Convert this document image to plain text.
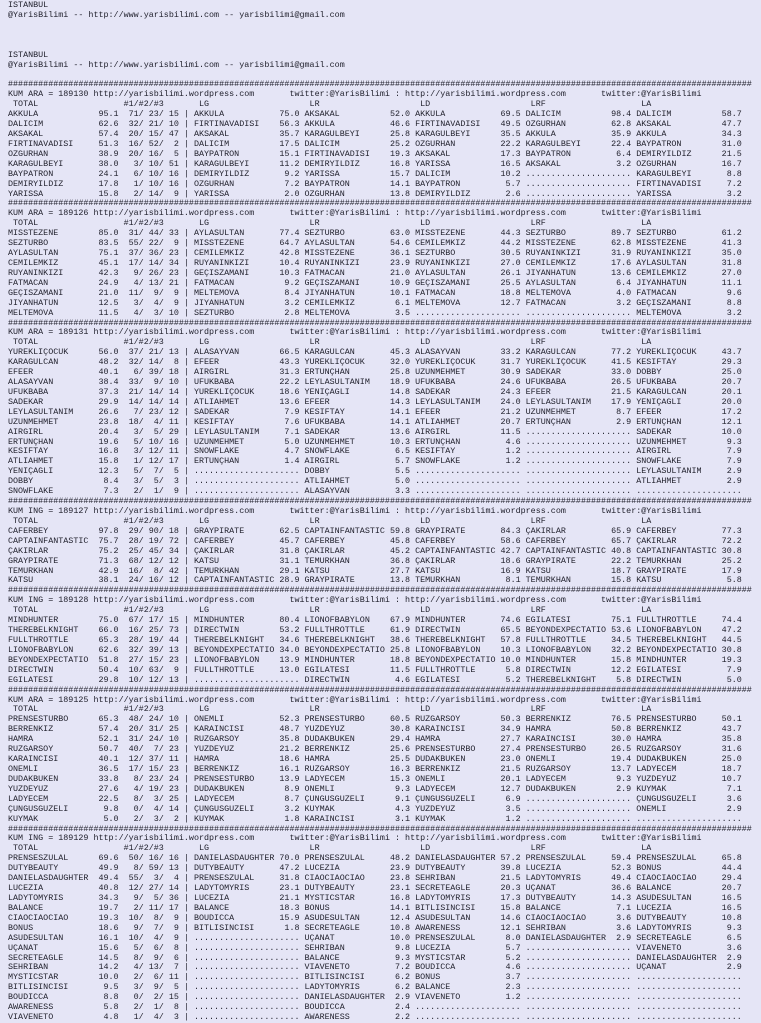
ISTANBUL
@YarisBilimi -- http://www.yarisbilimi.com -- yarisbilimi@gmail.com
ISTANBUL
@YarisBilimi -- http://www.yarisbilimi.com -- yarisbilimi@gmail.com
####################################################################################################################################################
KUM ARA = 189130 http://yarisbilimi.wordpress.com       twitter:@YarisBilimi : http://yarisbilimi.wordpress.com       twitter:@YarisBilimi
TOTAL                 #1/#2/#3       LG                    LR                    LD                    LRF                   LA
AKKULA            95.1  71/ 23/ 15 | AKKULA           75.0 AKSAKAL          52.0 AKKULA           69.5 DALICIM          98.4 DALICIM          58.7
DALICIM           62.6  32/ 21/ 10 | FIRTINAVADISI    56.3 AKKULA           46.6 FIRTINAVADISI    49.5 ÖZGÜRHAN         62.8 AKSAKAL          47.7
AKSAKAL           57.4  20/ 15/ 47 | AKSAKAL          35.7 KARAGÜLBEYI      25.8 KARAGÜLBEYI      35.5 AKKULA           35.9 AKKULA           34.3
FIRTINAVADISI     51.3  16/ 52/  2 | DALICIM          17.5 DALICIM          25.2 ÖZGÜRHAN         22.2 KARAGÜLBEYI      22.4 BAYPATRON        31.0
ÖZGÜRHAN          38.9  20/ 16/  5 | BAYPATRON        15.1 FIRTINAVADISI    19.3 AKSAKAL          17.3 BAYPATRON         6.4 DEMIRYILDIZ      21.5
KARAGÜLBEYI       38.0   3/ 10/ 51 | KARAGÜLBEYI      11.2 DEMIRYILDIZ      16.8 YARISSA          16.5 AKSAKAL           3.2 ÖZGÜRHAN         16.7
BAYPATRON         24.1   6/ 10/ 16 | DEMIRYILDIZ       9.2 YARISSA          15.7 DALICIM          10.2 ..................... KARAGÜLBEYI       8.8
DEMIRYILDIZ       17.8   1/ 10/ 16 | ÖZGÜRHAN          7.2 BAYPATRON        14.1 BAYPATRON         5.7 ..................... FIRTINAVADISI     7.2
YARISSA           15.8   2/ 14/  9 | YARISSA           2.0 ÖZGÜRHAN         13.8 DEMIRYILDIZ       2.6 ..................... YARISSA           3.2
####################################################################################################################################################
KUM ARA = 189126 http://yarisbilimi.wordpress.com       twitter:@YarisBilimi : http://yarisbilimi.wordpress.com       twitter:@YarisBilimi
TOTAL                 #1/#2/#3       LG                    LR                    LD                    LRF                   LA
MISSTEZENE        85.0  31/ 44/ 33 | AYLASULTAN       77.4 SEZTURBO         63.0 MISSTEZENE       44.3 SEZTURBO         89.7 SEZTURBO         61.2
SEZTURBO          83.5  55/ 22/  9 | MISSTEZENE       64.7 AYLASULTAN       54.6 CEMILEMKIZ       44.2 MISSTEZENE       62.8 MISSTEZENE       41.3
AYLASULTAN        75.1  37/ 36/ 23 | CEMILEMKIZ       42.8 MISSTEZENE       36.1 SEZTURBO         30.5 RÜYANINKIZI      31.9 RÜYANINKIZI      35.0
CEMILEMKIZ        45.1  17/ 14/ 34 | RÜYANINKIZI      10.4 RÜYANINKIZI      23.9 RÜYANINKIZI      27.0 CEMILEMKIZ       17.6 AYLASULTAN       31.8
RÜYANINKIZI       42.3   9/ 26/ 23 | GEÇISZAMANI      10.3 FATMACAN         21.0 AYLASULTAN       26.1 JIYANHATUN       13.6 CEMILEMKIZ       27.0
FATMACAN          24.9   4/ 13/ 21 | FATMACAN          9.2 GEÇISZAMANI      10.9 GEÇISZAMANI      25.5 AYLASULTAN        6.4 JIYANHATUN       11.1
GEÇISZAMANI       21.0  11/  9/  9 | MELTEMOVA         8.4 JIYANHATUN       10.1 FATMACAN         18.8 MELTEMOVA         4.0 FATMACAN          9.6
JIYANHATUN        12.5   3/  4/  9 | JIYANHATUN        3.2 CEMILEMKIZ        6.1 MELTEMOVA        12.7 FATMACAN          3.2 GEÇISZAMANI       8.8
MELTEMOVA         11.5   4/  3/ 10 | SEZTURBO          2.8 MELTEMOVA         3.5 ..................... ..................... MELTEMOVA         3.2
####################################################################################################################################################
KUM ARA = 189131 http://yarisbilimi.wordpress.com       twitter:@YarisBilimi : http://yarisbilimi.wordpress.com       twitter:@YarisBilimi
TOTAL                 #1/#2/#3       LG                    LR                    LD                    LRF                   LA
YÜREKLIÇOCUK      56.0  37/ 21/ 13 | ALASAYVAN        66.5 KARAGÜLCAN       45.3 ALASAYVAN        33.2 KARAGÜLCAN       77.2 YÜREKLIÇOCUK     43.7
KARAGÜLCAN        48.2  32/ 14/  8 | EFEER            43.3 YÜREKLIÇOCUK     32.0 YÜREKLIÇOCUK     31.7 YÜREKLIÇOCUK     41.5 KESIFTAY         29.3
EFEER             40.1   6/ 39/ 18 | AIRGIRL          31.3 ERTUNÇHAN        25.8 UZUNMEHMET       30.9 SADEKAR          33.0 DOBBY            25.0
ALASAYVAN         38.4  33/  9/ 10 | UFUKBABA         22.2 LEYLASULTANIM    18.9 UFUKBABA         24.6 UFUKBABA         26.5 UFUKBABA         20.7
UFUKBABA          37.3  21/ 14/ 14 | YÜREKLIÇOCUK     18.6 YENIÇAGLI        14.8 SADEKAR          24.3 EFEER            21.5 KARAGÜLCAN       20.1
SADEKAR           29.9  14/ 14/ 14 | ATLIAHMET        13.6 EFEER            14.3 LEYLASULTANIM    24.0 LEYLASULTANIM    17.9 YENIÇAGLI        20.0
LEYLASULTANIM     26.6   7/ 23/ 12 | SADEKAR           7.9 KESIFTAY         14.1 EFEER            21.2 UZUNMEHMET        8.7 EFEER            17.2
UZUNMEHMET        23.8  18/  4/ 11 | KESIFTAY          7.6 UFUKBABA         14.1 ATLIAHMET        20.7 ERTUNÇHAN         2.9 ERTUNÇHAN        12.1
AIRGIRL           20.4   3/  5/ 29 | LEYLASULTANIM     7.1 SADEKAR          13.6 AIRGIRL          11.5 ..................... SADEKAR          10.0
ERTUNÇHAN         19.6   5/ 10/ 16 | UZUNMEHMET        5.0 UZUNMEHMET       10.3 ERTUNÇHAN         4.6 ..................... UZUNMEHMET        9.3
KESIFTAY          16.8   3/ 12/ 11 | SNOWFLAKE         4.7 SNOWFLAKE         6.5 KESIFTAY          1.2 ..................... AIRGIRL           7.9
ATLIAHMET         15.8   1/ 12/ 17 | ERTUNÇHAN         1.4 AIRGIRL           5.7 SNOWFLAKE         1.2 ..................... SNOWFLAKE         7.9
YENIÇAGLI         12.3   5/  7/  5 | ..................... DOBBY             5.5 ..................... ..................... LEYLASULTANIM     2.9
DOBBY              8.4   3/  5/  3 | ..................... ATLIAHMET         5.0 ..................... ..................... ATLIAHMET         2.9
SNOWFLAKE          7.3   2/  1/  9 | ..................... ALASAYVAN         3.3 ..................... ..................... .....................
####################################################################################################################################################
KUM ING = 189127 http://yarisbilimi.wordpress.com       twitter:@YarisBilimi : http://yarisbilimi.wordpress.com       twitter:@YarisBilimi
TOTAL                 #1/#2/#3       LG                    LR                    LD                    LRF                   LA
CAFERBEY          97.8  29/ 90/ 18 | GRAYPIRATE       62.5 CAPTAINFANTASTIC 59.8 GRAYPIRATE       84.3 ÇAKIRLAR         65.9 CAFERBEY         77.3
CAPTAINFANTASTIC  75.7  28/ 19/ 72 | CAFERBEY         45.7 CAFERBEY         45.8 CAFERBEY         58.6 CAFERBEY         65.7 ÇAKIRLAR         72.2
ÇAKIRLAR          75.2  25/ 45/ 34 | ÇAKIRLAR         31.8 ÇAKIRLAR         45.2 CAPTAINFANTASTIC 42.7 CAPTAINFANTASTIC 40.8 CAPTAINFANTASTIC 30.8
GRAYPIRATE        71.3  68/ 12/ 12 | KATSU            31.1 TEMURKHAN        36.8 ÇAKIRLAR         18.6 GRAYPIRATE       22.2 TEMURKHAN        25.2
TEMURKHAN         42.9  16/  8/ 42 | TEMURKHAN        29.1 KATSU            27.7 KATSU            16.9 KATSU            18.7 GRAYPIRATE       17.9
KATSU             38.1  24/ 16/ 12 | CAPTAINFANTASTIC 28.9 GRAYPIRATE       13.8 TEMURKHAN         8.1 TEMURKHAN        15.8 KATSU             5.8
####################################################################################################################################################
KUM ING = 189128 http://yarisbilimi.wordpress.com       twitter:@YarisBilimi : http://yarisbilimi.wordpress.com       twitter:@YarisBilimi
TOTAL                 #1/#2/#3       LG                    LR                    LD                    LRF                   LA
MINDHUNTER        75.0  67/ 17/ 15 | MINDHUNTER       80.4 LIONOFBABYLON    67.9 MINDHUNTER       74.6 EGILATESI        75.1 FULLTHROTTLE     74.4
THEREBELKNIGHT    66.0  16/ 25/ 73 | DIRECTWIN        53.2 FULLTHROTTLE     61.9 DIRECTWIN        65.5 BEYONDEXPECTATIO 53.6 LIONOFBABYLON    47.2
FULLTHROTTLE      65.3  28/ 19/ 44 | THEREBELKNIGHT   34.6 THEREBELKNIGHT   38.6 THEREBELKNIGHT   57.8 FULLTHROTTLE     34.5 THEREBELKNIGHT   44.5
LIONOFBABYLON     62.6  32/ 39/ 13 | BEYONDEXPECTATIO 34.0 BEYONDEXPECTATIO 25.8 LIONOFBABYLON    10.3 LIONOFBABYLON    32.2 BEYONDEXPECTATIO 30.8
BEYONDEXPECTATIO  51.8  27/ 15/ 23 | LIONOFBABYLON    13.9 MINDHUNTER       18.8 BEYONDEXPECTATIO 10.0 MINDHUNTER       15.8 MINDHUNTER       19.3
DIRECTWIN         50.4  10/ 63/  9 | FULLTHROTTLE     13.0 EGILATESI        11.5 FULLTHROTTLE      5.8 DIRECTWIN        12.2 EGILATESI         7.9
EGILATESI         29.8  10/ 12/ 13 | ..................... DIRECTWIN         4.6 EGILATESI         5.2 THEREBELKNIGHT    5.8 DIRECTWIN         5.0
####################################################################################################################################################
KUM ARA = 189125 http://yarisbilimi.wordpress.com       twitter:@YarisBilimi : http://yarisbilimi.wordpress.com       twitter:@YarisBilimi
TOTAL                 #1/#2/#3       LG                    LR                    LD                    LRF                   LA
PRENSESTURBO      65.3  48/ 24/ 10 | ÖNEMLI           52.3 PRENSESTURBO     60.5 RÜZGARSOY        50.3 BERRENKIZ        76.5 PRENSESTURBO     50.1
BERRENKIZ         57.4  20/ 31/ 25 | KARAINCISI       48.7 YÜZDEYÜZ         30.8 KARAINCISI       34.9 HAMRA            50.8 BERRENKIZ        43.7
HAMRA             52.1  31/ 24/ 10 | RÜZGARSOY        35.8 DUDAKBÜKEN       29.4 HAMRA            27.7 KARAINCISI       30.0 HAMRA            35.8
RÜZGARSOY         50.7  40/  7/ 23 | YÜZDEYÜZ         21.2 BERRENKIZ        25.6 PRENSESTURBO     27.4 PRENSESTURBO     26.5 RÜZGARSOY        31.6
KARAINCISI        40.1  12/ 37/ 11 | HAMRA            18.6 HAMRA            25.5 DUDAKBÜKEN       23.0 ÖNEMLI           19.4 DUDAKBÜKEN       25.0
ÖNEMLI            36.5  17/ 15/ 23 | BERRENKIZ        16.1 RÜZGARSOY        16.3 BERRENKIZ        21.5 RÜZGARSOY        13.7 LADYECEM         18.7
DUDAKBÜKEN        33.8   8/ 23/ 24 | PRENSESTURBO     13.9 LADYECEM         15.3 ÖNEMLI           20.1 LADYECEM          9.3 YÜZDEYÜZ         10.7
YÜZDEYÜZ          27.6   4/ 19/ 23 | DUDAKBÜKEN        8.9 ÖNEMLI            9.3 LADYECEM         12.7 DUDAKBÜKEN        2.9 KUYMAK            7.1
LADYECEM          22.5   8/  3/ 25 | LADYECEM          8.7 ÇÜNGÜSGÜZELI      9.1 ÇÜNGÜSGÜZELI      6.9 ..................... ÇÜNGÜSGÜZELI      3.6
ÇÜNGÜSGÜZELI       9.8   0/  4/ 14 | ÇÜNGÜSGÜZELI      3.2 KUYMAK            4.3 YÜZDEYÜZ          3.5 ..................... ÖNEMLI            2.9
KUYMAK             5.0   2/  3/  2 | KUYMAK            1.8 KARAINCISI        3.1 KUYMAK            1.2 ..................... .....................
####################################################################################################################################################
KUM ING = 189129 http://yarisbilimi.wordpress.com       twitter:@YarisBilimi : http://yarisbilimi.wordpress.com       twitter:@YarisBilimi
TOTAL                 #1/#2/#3       LG                    LR                    LD                    LRF                   LA
PRENSESZÜLAL      69.6  50/ 16/ 16 | DANIELASDAUGHTER 70.0 PRENSESZÜLAL     48.2 DANIELASDAUGHTER 57.2 PRENSESZÜLAL     59.4 PRENSESZÜLAL     65.8
DUTYBEAUTY        49.9   8/ 59/ 13 | DUTYBEAUTY       47.2 LUCEZIA          23.9 DUTYBEAUTY       39.8 LUCEZIA          52.3 BONUS            44.4
DANIELASDAUGHTER  49.4  55/  3/  4 | PRENSESZÜLAL     31.8 CIAOCIAOCIAO     23.8 SEHRIBAN         21.5 LADYTOMYRIS      49.4 CIAOCIAOCIAO     29.4
LUCEZIA           40.8  12/ 27/ 14 | LADYTOMYRIS      23.1 DUTYBEAUTY       23.1 SECRETEAGLE      20.3 UÇANAT           36.6 BALANCE          20.7
LADYTOMYRIS       34.3   9/  5/ 36 | LUCEZIA          21.1 MYSTICSTAR       16.8 LADYTOMYRIS      17.3 DUTYBEAUTY       14.3 ASUDESULTAN      16.5
BALANCE           19.7   2/ 11/ 17 | BALANCE          18.3 BONUS            14.1 BITLISINCISI     15.8 BALANCE           7.1 LUCEZIA          16.5
CIAOCIAOCIAO      19.3  10/  8/  9 | BOUDICCA         15.9 ASUDESULTAN      12.4 ASUDESULTAN      14.6 CIAOCIAOCIAO      3.6 DUTYBEAUTY       10.8
BONUS             18.6   9/  7/  9 | BITLISINCISI      1.8 SECRETEAGLE      10.8 AWARENESS        12.1 SEHRIBAN          3.6 LADYTOMYRIS       9.3
ASUDESULTAN       16.1  10/  4/  9 | ..................... UÇANAT           10.0 PRENSESZÜLAL      8.0 DANIELASDAUGHTER  2.9 SECRETEAGLE       6.5
UÇANAT            15.6   5/  6/  8 | ..................... SEHRIBAN          9.8 LUCEZIA           5.7 ..................... VIAVENETO         3.6
SECRETEAGLE       14.5   8/  9/  6 | ..................... BALANCE           9.3 MYSTICSTAR        5.2 ..................... DANIELASDAUGHTER  2.9
SEHRIBAN          14.2   4/ 13/  7 | ..................... VIAVENETO         7.2 BOUDICCA          4.6 ..................... UÇANAT            2.9
MYSTICSTAR        10.0   2/  6/ 11 | ..................... BITLISINCISI      6.2 BONUS             3.7 ..................... .....................
BITLISINCISI       9.5   3/  9/  5 | ..................... LADYTOMYRIS       6.2 BALANCE           2.3 ..................... .....................
BOUDICCA           8.8   0/  2/ 15 | ..................... DANIELASDAUGHTER  2.9 VIAVENETO         1.2 ..................... .....................
AWARENESS          5.8   2/  1/  8 | ..................... BOUDICCA          2.4 ..................... ..................... .....................
VIAVENETO          4.8   1/  4/  3 | ..................... AWARENESS         2.2 ..................... ..................... .....................
